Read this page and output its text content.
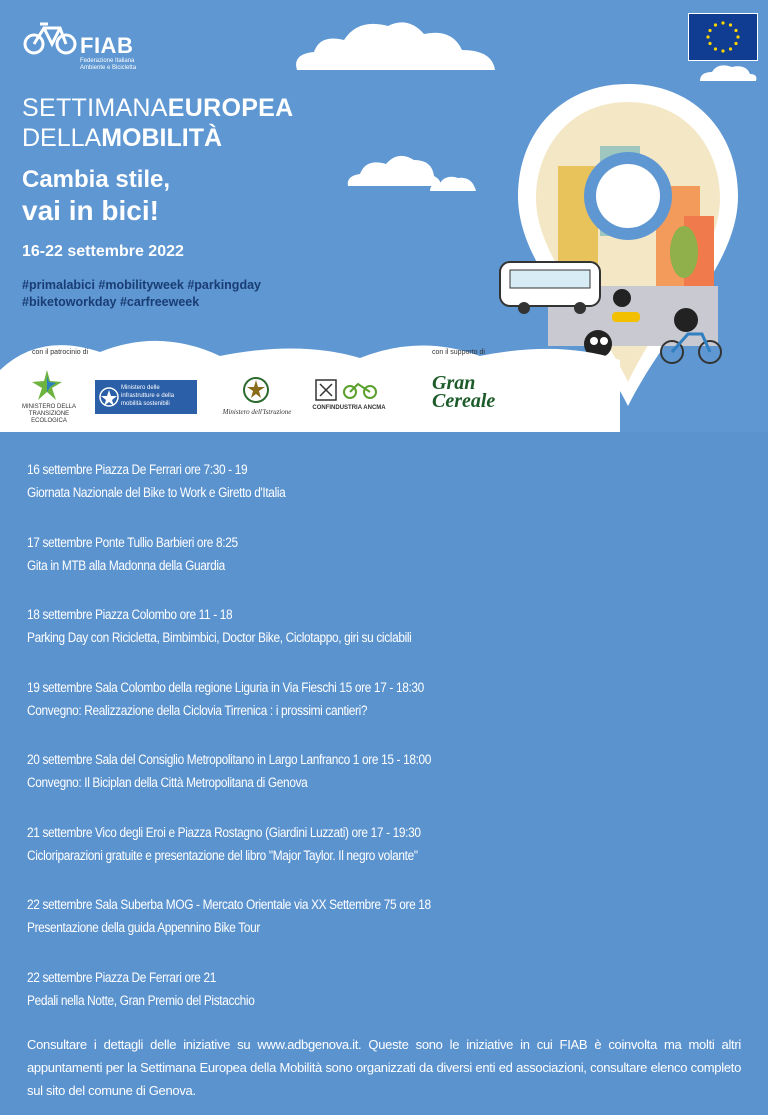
FIAB
Federazione Italiana Ambiente e Bicicletta
SETTIMANAEUROPEA
DELLAMOBILITÀ
Cambia stile,
vai in bici!
16-22 settembre 2022
#primalabici #mobilityweek #parkingday
#biketoworkday #carfreeweek
con il patrocinio di	con il supporto di
MINISTERO DELLA TRANSIZIONE ECOLOGICA
Ministero delle infrastrutture e della mobilità sostenibili
Ministero dell'Istruzione	CONFINDUSTRIA ANCMA
Gran
Cereale
16 settembre Piazza De Ferrari ore 7:30 - 19
Giornata Nazionale del Bike to Work e Giretto d'Italia
17 settembre Ponte Tullio Barbieri ore 8:25
Gita in MTB alla Madonna della Guardia
18 settembre Piazza Colombo ore 11 - 18
Parking Day con Ricicletta, Bimbimbici, Doctor Bike, Ciclotappo, giri su ciclabili
19 settembre Sala Colombo della regione Liguria in Via Fieschi 15 ore 17 - 18:30
Convegno: Realizzazione della Ciclovia Tirrenica : i prossimi cantieri?
20 settembre Sala del Consiglio Metropolitano in Largo Lanfranco 1 ore 15 - 18:00
Convegno: Il Biciplan della Città Metropolitana di Genova
21 settembre Vico degli Eroi e Piazza Rostagno (Giardini Luzzati) ore 17 - 19:30
Cicloriparazioni gratuite e presentazione del libro "Major Taylor. Il negro volante"
22 settembre Sala Suberba MOG - Mercato Orientale via XX Settembre 75 ore 18
Presentazione della guida Appennino Bike Tour
22 settembre Piazza De Ferrari ore 21
Pedali nella Notte, Gran Premio del Pistacchio
Consultare i dettagli delle iniziative su www.adbgenova.it. Queste sono le iniziative in cui FIAB è coinvolta ma molti altri appuntamenti per la Settimana Europea della Mobilità sono organizzati da diversi enti ed associazioni, consultare elenco completo sul sito del comune di Genova.
